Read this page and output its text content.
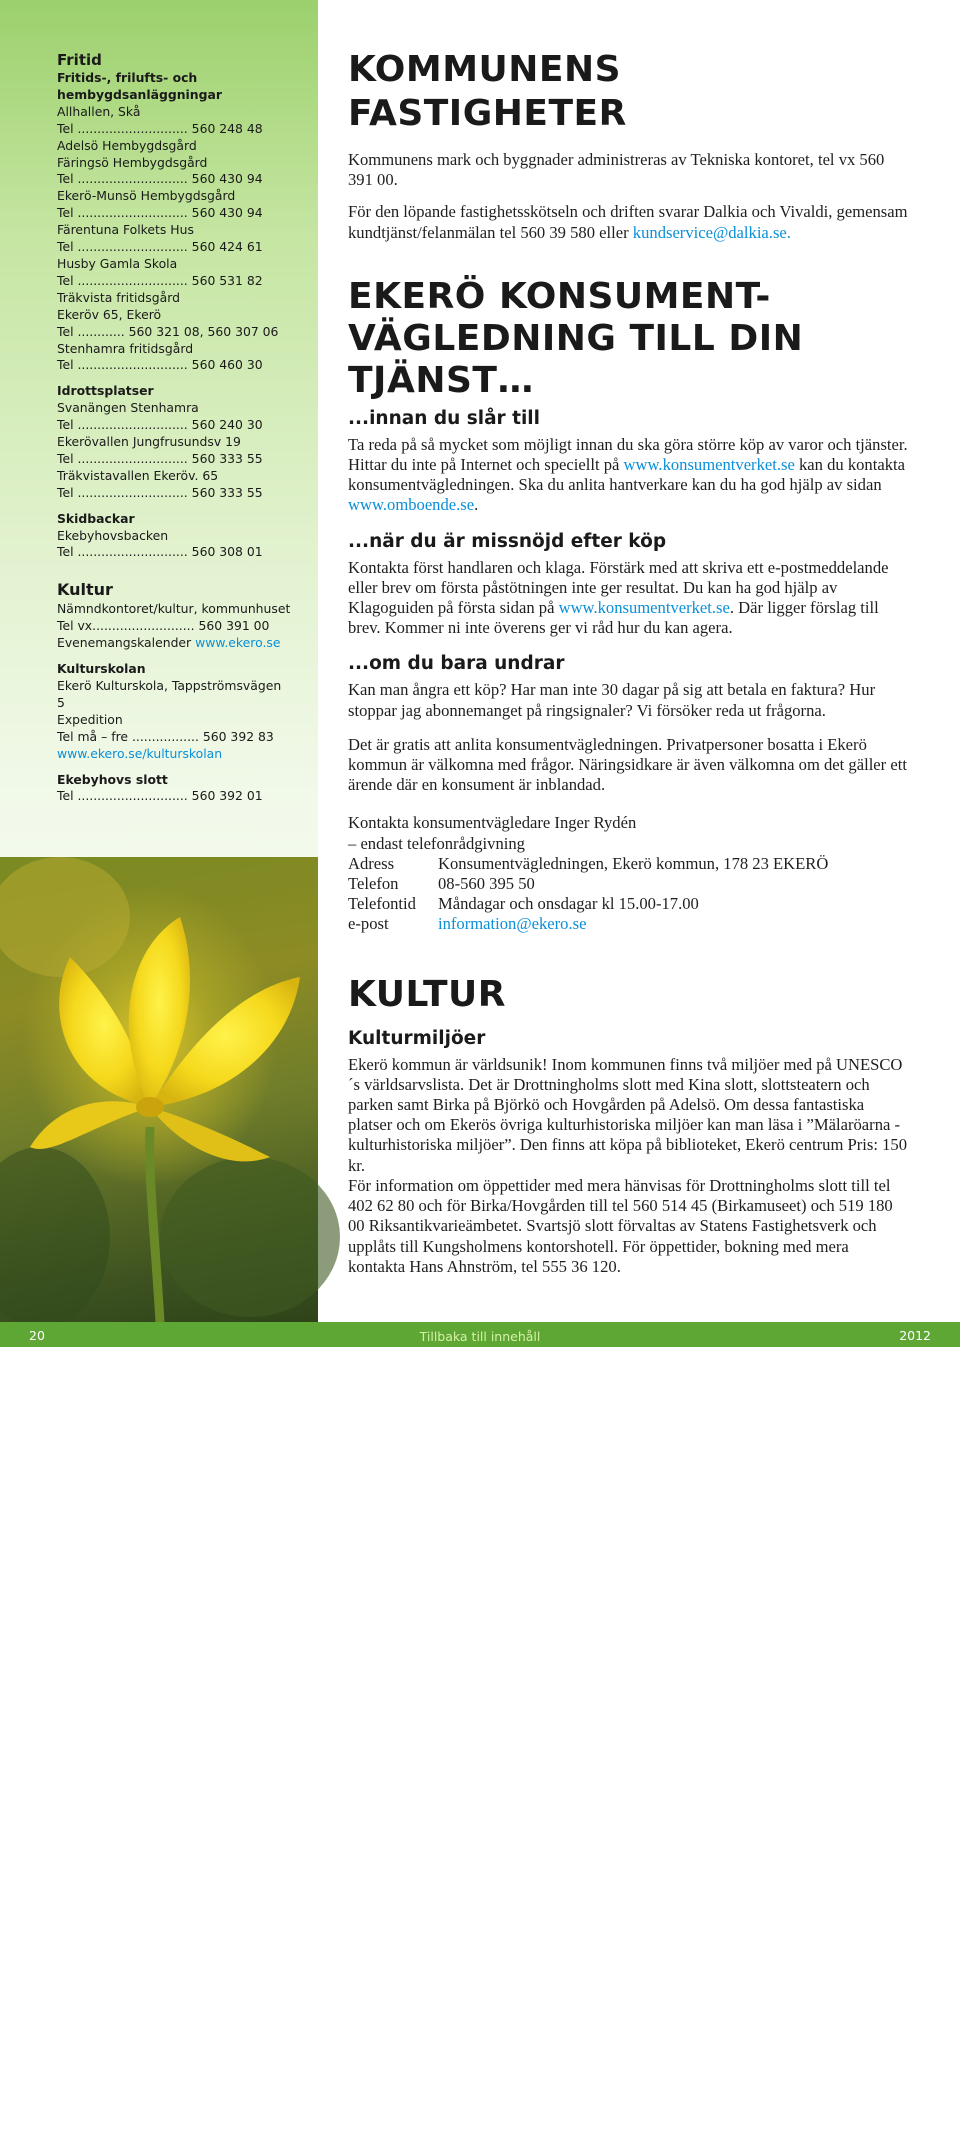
Fritid
Fritids-, frilufts- och hembygdsanläggningar
Allhallen, Skå
Tel ............................ 560 248 48
Adelsö Hembygdsgård
Färingsö Hembygdsgård
Tel ............................ 560 430 94
Ekerö-Munsö Hembygdsgård
Tel ............................ 560 430 94
Färentuna Folkets Hus
Tel ............................ 560 424 61
Husby Gamla Skola
Tel ............................ 560 531 82
Träkvista fritidsgård
Ekeröv 65, Ekerö
Tel ............ 560 321 08, 560 307 06
Stenhamra fritidsgård
Tel ............................ 560 460 30
Idrottsplatser
Svanängen Stenhamra
Tel ............................ 560 240 30
Ekerövallen Jungfrusundsv 19
Tel ............................ 560 333 55
Träkvistavallen Ekeröv. 65
Tel ............................ 560 333 55
Skidbackar
Ekebyhovsbacken
Tel ............................ 560 308 01
Kultur
Nämndkontoret/kultur, kommunhuset
Tel vx.......................... 560 391 00
Evenemangskalender www.ekero.se
Kulturskolan
Ekerö Kulturskola, Tappströmsvägen 5
Expedition
Tel må – fre ................. 560 392 83
www.ekero.se/kulturskolan
Ekebyhovs slott
Tel ............................ 560 392 01
Fotograf: Peter Bratt-StudioBratt
KOMMUNENS FASTIGHETER

Kommunens mark och byggnader administreras av Tekniska kontoret, tel vx 560 391 00.

För den löpande fastighetsskötseln och driften svarar Dalkia och Vivaldi, gemensam kundtjänst/felanmälan tel 560 39 580 eller kundservice@dalkia.se.

EKERÖ KONSUMENT-
VÄGLEDNING TILL DIN TJÄNST…
...innan du slår till

Ta reda på så mycket som möjligt innan du ska göra större köp av varor och tjänster. Hittar du inte på Internet och speciellt på www.konsumentverket.se kan du kontakta konsumentvägledningen. Ska du anlita hantverkare kan du ha god hjälp av sidan www.omboende.se.

...när du är missnöjd efter köp

Kontakta först handlaren och klaga. Förstärk med att skriva ett e-postmeddelande eller brev om första påstötningen inte ger resultat. Du kan ha god hjälp av Klagoguiden på första sidan på www.konsumentverket.se. Där ligger förslag till brev. Kommer ni inte överens ger vi råd hur du kan agera.

...om du bara undrar

Kan man ångra ett köp? Har man inte 30 dagar på sig att betala en faktura? Hur stoppar jag abonnemanget på ringsignaler? Vi försöker reda ut frågorna.

Det är gratis att anlita konsumentvägledningen. Privatpersoner bosatta i Ekerö kommun är välkomna med frågor. Näringsidkare är även välkomna om det gäller ett ärende där en konsument är inblandad.

Kontakta konsumentvägledare Inger Rydén
– endast telefonrådgivning
Adress	Konsumentvägledningen, Ekerö kommun, 178 23 EKERÖ
Telefon	08-560 395 50
Telefontid	Måndagar och onsdagar kl 15.00-17.00
e-post	information@ekero.se
KULTUR
Kulturmiljöer

Ekerö kommun är världsunik! Inom kommunen finns två miljöer med på UNESCO´s världsarvslista. Det är Drottningholms slott med Kina slott, slottsteatern och parken samt Birka på Björkö och Hovgården på Adelsö. Om dessa fantastiska platser och om Ekerös övriga kulturhistoriska miljöer kan man läsa i ”Mälaröarna - kulturhistoriska miljöer”. Den finns att köpa på biblioteket, Ekerö centrum Pris: 150 kr.

För information om öppettider med mera hänvisas för Drottningholms slott till tel 402 62 80 och för Birka/Hovgården till tel 560 514 45 (Birkamuseet) och 519 180 00 Riksantikvarieämbetet. Svartsjö slott förvaltas av Statens Fastighetsverk och upplåts till Kungsholmens kontorshotell. För öppettider, bokning med mera kontakta Hans Ahnström, tel 555 36 120.

20	Tillbaka till innehåll	2012
